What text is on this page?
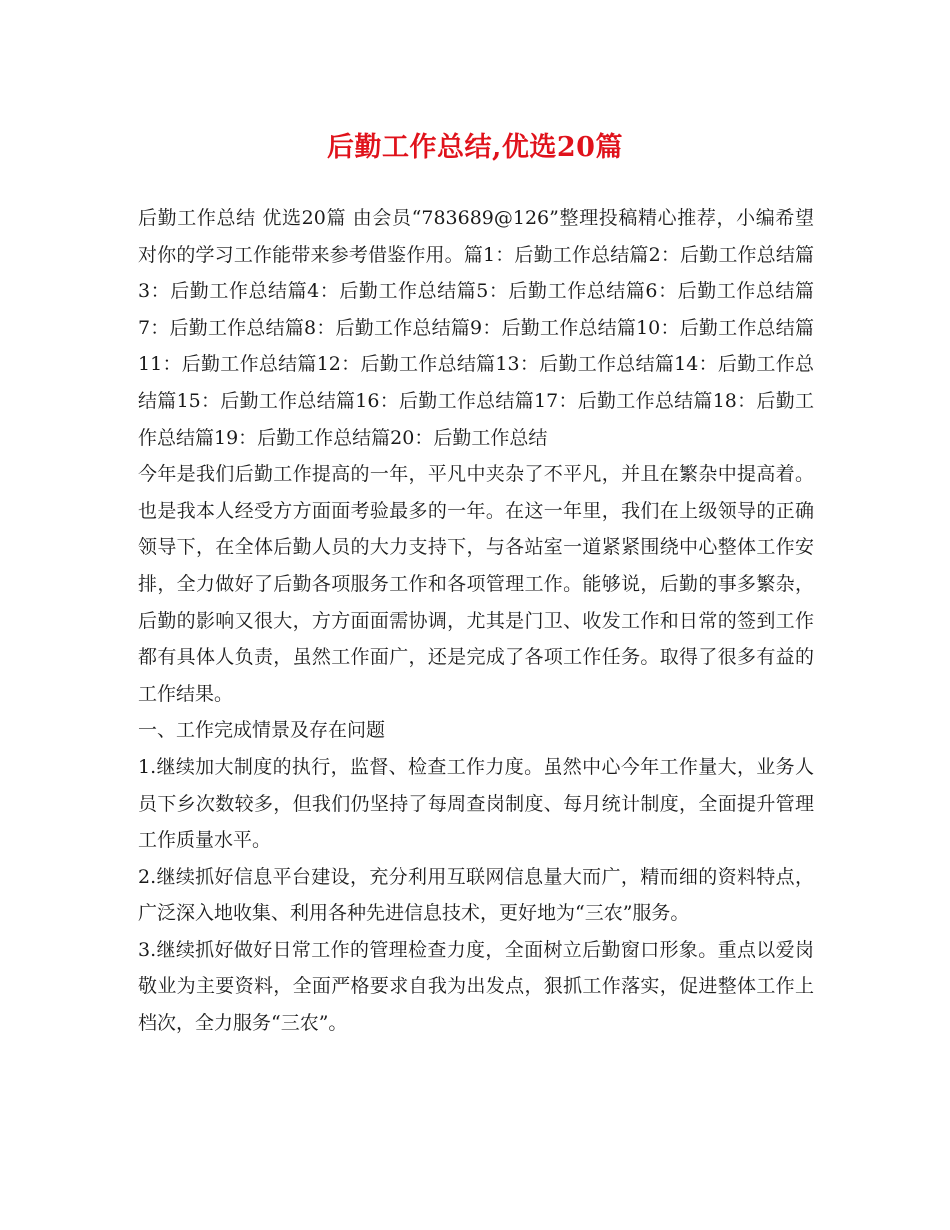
后勤工作总结,优选20篇

后勤工作总结 优选20篇 由会员“783689@126”整理投稿精心推荐，小编希望对你的学习工作能带来参考借鉴作用。篇1：后勤工作总结篇2：后勤工作总结篇3：后勤工作总结篇4：后勤工作总结篇5：后勤工作总结篇6：后勤工作总结篇7：后勤工作总结篇8：后勤工作总结篇9：后勤工作总结篇10：后勤工作总结篇11：后勤工作总结篇12：后勤工作总结篇13：后勤工作总结篇14：后勤工作总结篇15：后勤工作总结篇16：后勤工作总结篇17：后勤工作总结篇18：后勤工作总结篇19：后勤工作总结篇20：后勤工作总结

今年是我们后勤工作提高的一年，平凡中夹杂了不平凡，并且在繁杂中提高着。也是我本人经受方方面面考验最多的一年。在这一年里，我们在上级领导的正确领导下，在全体后勤人员的大力支持下，与各站室一道紧紧围绕中心整体工作安排，全力做好了后勤各项服务工作和各项管理工作。能够说，后勤的事多繁杂，后勤的影响又很大，方方面面需协调，尤其是门卫、收发工作和日常的签到工作都有具体人负责，虽然工作面广，还是完成了各项工作任务。取得了很多有益的工作结果。

一、工作完成情景及存在问题

1.继续加大制度的执行，监督、检查工作力度。虽然中心今年工作量大，业务人员下乡次数较多，但我们仍坚持了每周查岗制度、每月统计制度，全面提升管理工作质量水平。

2.继续抓好信息平台建设，充分利用互联网信息量大而广，精而细的资料特点，广泛深入地收集、利用各种先进信息技术，更好地为“三农”服务。

3.继续抓好做好日常工作的管理检查力度，全面树立后勤窗口形象。重点以爱岗敬业为主要资料，全面严格要求自我为出发点，狠抓工作落实，促进整体工作上档次，全力服务“三农”。
